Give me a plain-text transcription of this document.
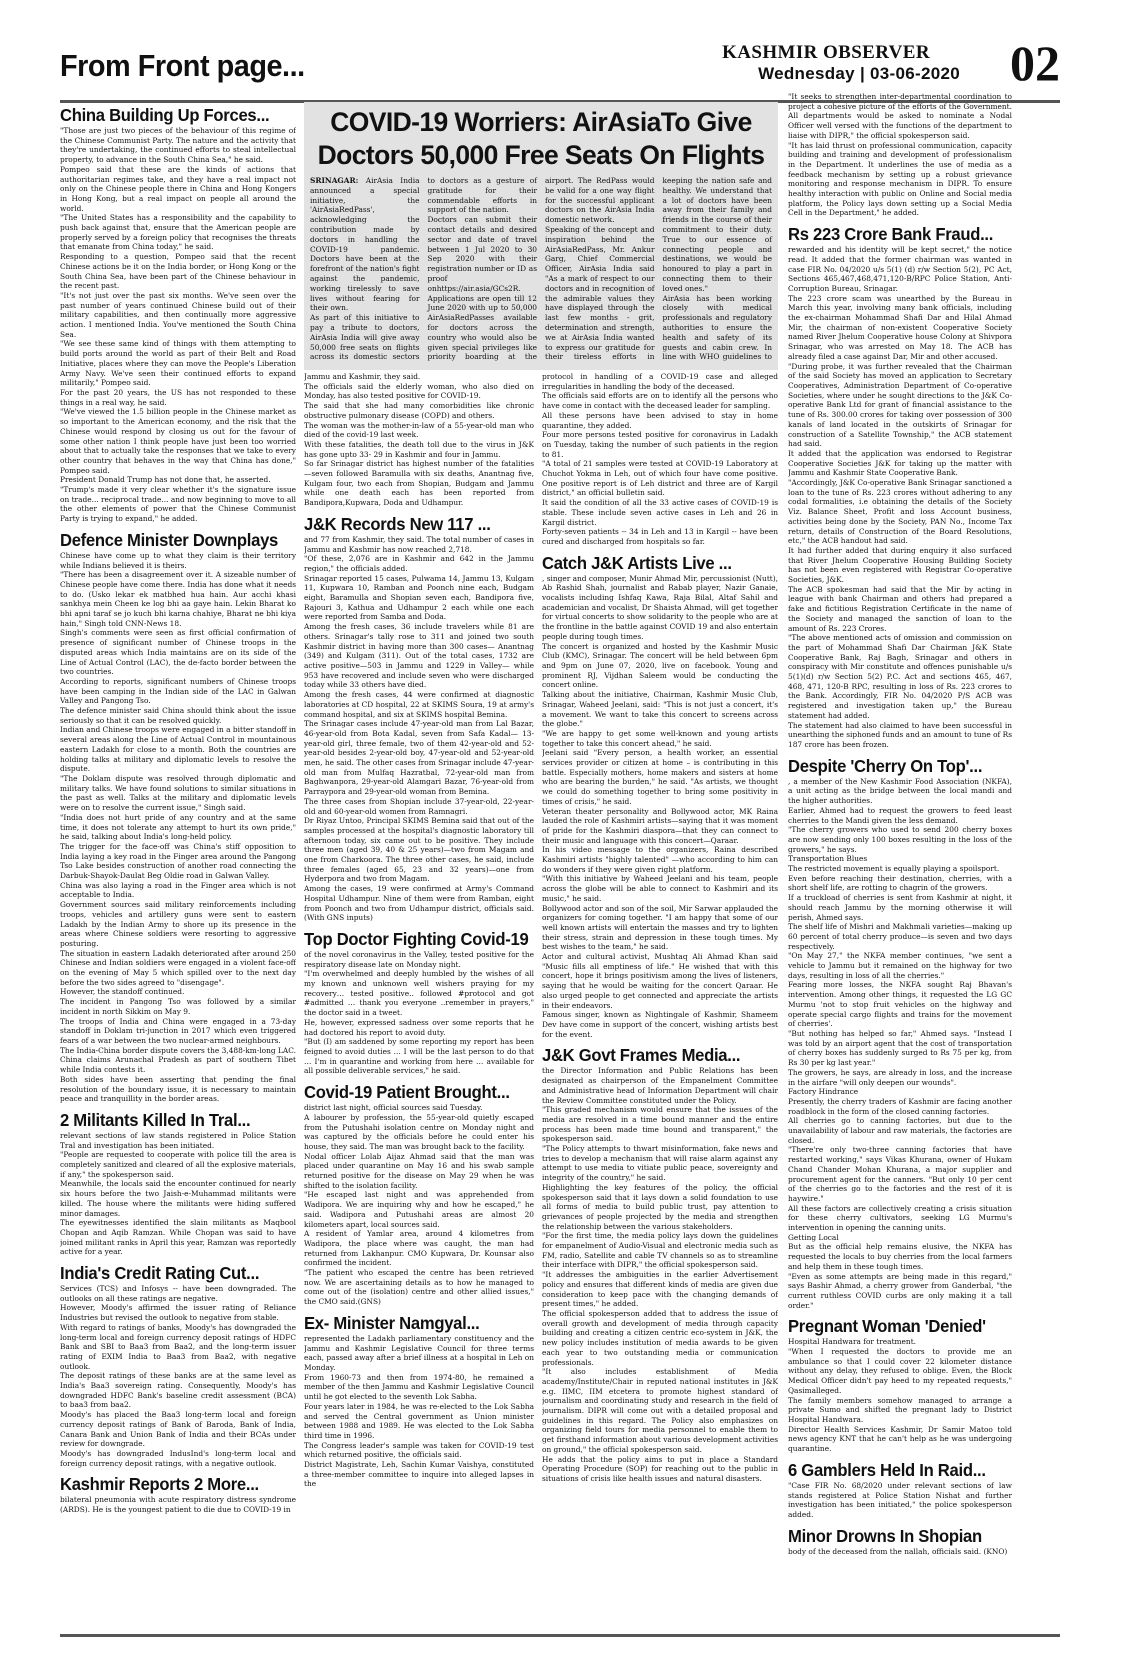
From Front page...	KASHMIR OBSERVER
Wednesday | 03-06-2020 02
COVID-19 Worriers: AirAsiaTo Give Doctors 50,000 Free Seats On Flights

SRINAGAR: AirAsia India announced a special initiative, the 'AirAsiaRedPass', acknowledging the contribution made by doctors in handling the COVID-19 pandemic. Doctors have been at the forefront of the nation's fight against the pandemic, working tirelessly to save lives without fearing for their own.

As part of this initiative to pay a tribute to doctors, AirAsia India will give away 50,000 free seats on flights across its domestic sectors to doctors as a gesture of gratitude for their commendable efforts in support of the nation.

Doctors can submit their contact details and desired sector and date of travel between 1 Jul 2020 to 30 Sep 2020 with their registration number or ID as proof onhttps://air.asia/GCs2R. Applications are open till 12 June 2020 with up to 50,000 AirAsiaRedPasses available for doctors across the country who would also be given special privileges like priority boarding at the airport. The RedPass would be valid for a one way flight for the successful applicant doctors on the AirAsia India domestic network.

Speaking of the concept and inspiration behind the AirAsiaRedPass, Mr. Ankur Garg, Chief Commercial Officer, AirAsia India said "As a mark of respect to our doctors and in recognition of the admirable values they have displayed through the last few months - grit, determination and strength, we at AirAsia India wanted to express our gratitude for their tireless efforts in keeping the nation safe and healthy. We understand that a lot of doctors have been away from their family and friends in the course of their commitment to their duty. True to our essence of connecting people and destinations, we would be honoured to play a part in connecting them to their loved ones."

AirAsia has been working closely with medical professionals and regulatory authorities to ensure the health and safety of its guests and cabin crew. In line with WHO guidelines to

China Building Up Forces...

"Those are just two pieces of the behaviour of this regime of the Chinese Communist Party. The nature and the activity that they're undertaking, the continued efforts to steal intellectual property, to advance in the South China Sea," he said.

Pompeo said that these are the kinds of actions that authoritarian regimes take, and they have a real impact not only on the Chinese people there in China and Hong Kongers in Hong Kong, but a real impact on people all around the world.

"The United States has a responsibility and the capability to push back against that, ensure that the American people are properly served by a foreign policy that recognises the threats that emanate from China today," he said.

Responding to a question, Pompeo said that the recent Chinese actions be it on the India border, or Hong Kong or the South China Sea, have been part of the Chinese behaviour in the recent past.

"It's not just over the past six months. We've seen over the past number of years continued Chinese build out of their military capabilities, and then continually more aggressive action. I mentioned India. You've mentioned the South China Sea.

"We see these same kind of things with them attempting to build ports around the world as part of their Belt and Road Initiative, places where they can move the People's Liberation Army Navy. We've seen their continued efforts to expand militarily," Pompeo said.

For the past 20 years, the US has not responded to these things in a real way, he said.

"We've viewed the 1.5 billion people in the Chinese market as so important to the American economy, and the risk that the Chinese would respond by closing us out for the favour of some other nation I think people have just been too worried about that to actually take the responses that we take to every other country that behaves in the way that China has done," Pompeo said.

President Donald Trump has not done that, he asserted.

"Trump's made it very clear whether it's the signature issue on trade... reciprocal trade... and now beginning to move to all the other elements of power that the Chinese Communist Party is trying to expand," he added.

Defence Minister Downplays

Chinese have come up to what they claim is their territory while Indians believed it is theirs.

"There has been a disagreement over it. A sizeable number of Chinese people have come there. India has done what it needs to do. (Usko lekar ek matbhed hua hain. Aur acchi khasi sankhya mein Cheen ke log bhi aa gaye hain. Lekin Bharat ko bhi apni taraf se jo kuch bhi karna chahiye, Bharat ne bhi kiya hain," Singh told CNN-News 18.

Singh's comments were seen as first official confirmation of presence of significant number of Chinese troops in the disputed areas which India maintains are on its side of the Line of Actual Control (LAC), the de-facto border between the two countries.

According to reports, significant numbers of Chinese troops have been camping in the Indian side of the LAC in Galwan Valley and Pangong Tso.

The defence minister said China should think about the issue seriously so that it can be resolved quickly.

Indian and Chinese troops were engaged in a bitter standoff in several areas along the Line of Actual Control in mountainous eastern Ladakh for close to a month. Both the countries are holding talks at military and diplomatic levels to resolve the dispute.

"The Doklam dispute was resolved through diplomatic and military talks. We have found solutions to similar situations in the past as well. Talks at the military and diplomatic levels were on to resolve the current issue," Singh said.

"India does not hurt pride of any country and at the same time, it does not tolerate any attempt to hurt its own pride," he said, talking about India's long-held policy.

The trigger for the face-off was China's stiff opposition to India laying a key road in the Finger area around the Pangong Tso Lake besides construction of another road connecting the Darbuk-Shayok-Daulat Beg Oldie road in Galwan Valley.

China was also laying a road in the Finger area which is not acceptable to India.

Government sources said military reinforcements including troops, vehicles and artillery guns were sent to eastern Ladakh by the Indian Army to shore up its presence in the areas where Chinese soldiers were resorting to aggressive posturing.

The situation in eastern Ladakh deteriorated after around 250 Chinese and Indian soldiers were engaged in a violent face-off on the evening of May 5 which spilled over to the next day before the two sides agreed to "disengage".

However, the standoff continued.

The incident in Pangong Tso was followed by a similar incident in north Sikkim on May 9.

The troops of India and China were engaged in a 73-day standoff in Doklam tri-junction in 2017 which even triggered fears of a war between the two nuclear-armed neighbours.

The India-China border dispute covers the 3,488-km-long LAC. China claims Arunachal Pradesh as part of southern Tibet while India contests it.

Both sides have been asserting that pending the final resolution of the boundary issue, it is necessary to maintain peace and tranquillity in the border areas.

2 Militants Killed In Tral...

relevant sections of law stands registered in Police Station Tral and investigation has been initiated.

"People are requested to cooperate with police till the area is completely sanitized and cleared of all the explosive materials, if any," the spokesperson said.

Meanwhile, the locals said the encounter continued for nearly six hours before the two Jaish-e-Muhammad militants were killed. The house where the militants were hiding suffered minor damages.

The eyewitnesses identified the slain militants as Maqbool Chopan and Aqib Ramzan. While Chopan was said to have joined militant ranks in April this year, Ramzan was reportedly active for a year.

India's Credit Rating Cut...

Services (TCS) and Infosys -- have been downgraded. The outlooks on all these ratings are negative.

However, Moody's affirmed the issuer rating of Reliance Industries but revised the outlook to negative from stable.

With regard to ratings of banks, Moody's has downgraded the long-term local and foreign currency deposit ratings of HDFC Bank and SBI to Baa3 from Baa2, and the long-term issuer rating of EXIM India to Baa3 from Baa2, with negative outlook.

The deposit ratings of these banks are at the same level as India's Baa3 sovereign rating. Consequently, Moody's has downgraded HDFC Bank's baseline credit assessment (BCA) to baa3 from baa2.

Moody's has placed the Baa3 long-term local and foreign currency deposit ratings of Bank of Baroda, Bank of India, Canara Bank and Union Bank of India and their BCAs under review for downgrade.

Moody's has downgraded IndusInd's long-term local and foreign currency deposit ratings, with a negative outlook.

Kashmir Reports 2 More...

bilateral pneumonia with acute respiratory distress syndrome (ARDS). He is the youngest patient to die due to COVID-19 in

Jammu and Kashmir, they said.

The officials said the elderly woman, who also died on Monday, has also tested positive for COVID-19.

The said that she had many comorbidities like chronic obstructive pulmonary disease (COPD) and others.

The woman was the mother-in-law of a 55-year-old man who died of the covid-19 last week.

With these fatalities, the death toll due to the virus in J&K has gone upto 33- 29 in Kashmir and four in Jammu.

So far Srinagar district has highest number of the fatalities—seven followed Baramulla with six deaths, Anantnag five, Kulgam four, two each from Shopian, Budgam and Jammu while one death each has been reported from Bandipora,Kupwara, Doda and Udhampur.

J&K Records New 117 ...

and 77 from Kashmir, they said. The total number of cases in Jammu and Kashmir has now reached 2,718.

"Of these, 2,076 are in Kashmir and 642 in the Jammu region," the officials added.

Srinagar reported 15 cases, Pulwama 14, Jammu 13, Kulgam 11, Kupwara 10, Ramban and Poonch nine each, Budgam eight, Baramulla and Shopian seven each, Bandipora five, Rajouri 3, Kathua and Udhampur 2 each while one each were reported from Samba and Doda.

Among the fresh cases, 36 include travelers while 81 are others. Srinagar's tally rose to 311 and joined two south Kashmir district in having more than 300 cases— Anantnag (349) and Kulgam (311). Out of the total cases, 1732 are active positive—503 in Jammu and 1229 in Valley— while 953 have recovered and include seven who were discharged today while 33 others have died.

Among the fresh cases, 44 were confirmed at diagnostic laboratories at CD hospital, 22 at SKIMS Soura, 19 at army's command hospital, and six at SKIMS hospital Bemina.

The Srinagar cases include 47-year-old man from Lal Bazar, 46-year-old from Bota Kadal, seven from Safa Kadal— 13-year-old girl, three female, two of them 42-year-old and 52-year-old besides 2-year-old boy, 47-year-old and 52-year-old men, he said. The other cases from Srinagar include 47-year-old man from Mulfaq Hazratbal, 72-year-old man from Baghwanpora, 29-year-old Alamgari Bazar, 76-year-old from Parraypora and 29-year-old woman from Bemina.

The three cases from Shopian include 37-year-old, 22-year-old and 60-year-old women from Ramnagri.

Dr Riyaz Untoo, Principal SKIMS Bemina said that out of the samples processed at the hospital's diagnostic laboratory till afternoon today, six came out to be positive. They include three men (aged 39, 40 & 25 years)—two from Magam and one from Charkoora. The three other cases, he said, include three females (aged 65, 23 and 32 years)—one from Hyderpora and two from Magam.

Among the cases, 19 were confirmed at Army's Command Hospital Udhampur. Nine of them were from Ramban, eight from Poonch and two from Udhampur district, officials said. (With GNS inputs)

Top Doctor Fighting Covid-19

of the novel coronavirus in the Valley, tested positive for the respiratory disease late on Monday night.

"I'm overwhelmed and deeply humbled by the wishes of all my known and unknown well wishers praying for my recovery… tested positive.. followed #protocol and got #admitted … thank you everyone ..remember in prayers," the doctor said in a tweet.

He, however, expressed sadness over some reports that he had doctored his report to avoid duty.

"But (I) am saddened by some reporting my report has been feigned to avoid duties … I will be the last person to do that … I'm in quarantine and working from here … available for all possible deliverable services," he said.

Covid-19 Patient Brought...

district last night, official sources said Tuesday.

A labourer by profession, the 55-year-old quietly escaped from the Putushahi isolation centre on Monday night and was captured by the officials before he could enter his house, they said. The man was brought back to the facility.

Nodal officer Lolab Aijaz Ahmad said that the man was placed under quarantine on May 16 and his swab sample returned positive for the disease on May 29 when he was shifted to the isolation facility.

"He escaped last night and was apprehended from Wadipora. We are inquiring why and how he escaped," he said. Wadipora and Putushahi areas are almost 20 kilometers apart, local sources said.

A resident of Yamlar area, around 4 kilometres from Wadipora, the place where was caught, the man had returned from Lakhanpur. CMO Kupwara, Dr. Kounsar also confirmed the incident.

"The patient who escaped the centre has been retrieved now. We are ascertaining details as to how he managed to come out of the (isolation) centre and other allied issues," the CMO said.(GNS)

Ex- Minister Namgyal...

represented the Ladakh parliamentary constituency and the Jammu and Kashmir Legislative Council for three terms each, passed away after a brief illness at a hospital in Leh on Monday.

From 1960-73 and then from 1974-80, he remained a member of the then Jammu and Kashmir Legislative Council until he got elected to the seventh Lok Sabha.

Four years later in 1984, he was re-elected to the Lok Sabha and served the Central government as Union minister between 1988 and 1989. He was elected to the Lok Sabha third time in 1996.

The Congress leader's sample was taken for COVID-19 test which returned positive, the officials said.

District Magistrate, Leh, Sachin Kumar Vaishya, constituted a three-member committee to inquire into alleged lapses in the

protocol in handling of a COVID-19 case and alleged irregularities in handling the body of the deceased.

The officials said efforts are on to identify all the persons who have come in contact with the deceased leader for sampling.

All these persons have been advised to stay in home quarantine, they added.

Four more persons tested positive for coronavirus in Ladakh on Tuesday, taking the number of such patients in the region to 81.

"A total of 21 samples were tested at COVID-19 Laboratory at Chuchot Yokma in Leh, out of which four have come positive. One positive report is of Leh district and three are of Kargil district," an official bulletin said.

It said the condition of all the 33 active cases of COVID-19 is stable. These include seven active cases in Leh and 26 in Kargil district.

Forty-seven patients -- 34 in Leh and 13 in Kargil -- have been cured and discharged from hospitals so far.

Catch J&K Artists Live ...

, singer and composer, Munir Ahmad Mir, percussionist (Nutt), Ab Rashid Shah, journalist and Rabab player, Nazir Ganaie, vocalists including Ishfaq Kawa, Raja Bilal, Altaf Sahil and academician and vocalist, Dr Shaista Ahmad, will get together for virtual concerts to show solidarity to the people who are at the frontline in the battle against COVID 19 and also entertain people during tough times.

The concert is organized and hosted by the Kashmir Music Club (KMC), Srinagar. The concert will be held between 6pm and 9pm on June 07, 2020, live on facebook. Young and prominent RJ, Vijdhan Saleem would be conducting the concert online.

Talking about the initiative, Chairman, Kashmir Music Club, Srinagar, Waheed Jeelani, said: "This is not just a concert, it's a movement. We want to take this concert to screens across the globe."

"We are happy to get some well-known and young artists together to take this concert ahead," he said.

Jeelani said "Every person, a health worker, an essential services provider or citizen at home – is contributing in this battle. Especially mothers, home makers and sisters at home who are bearing the burden," he said. "As artists, we thought we could do something together to bring some positivity in times of crisis," he said.

Veteran theater personality and Bollywood actor, MK Raina lauded the role of Kashmiri artists—saying that it was moment of pride for the Kashmiri diaspora—that they can connect to their music and language with this concert—Qaraar.

In his video message to the organizers, Raina described Kashmiri artists "highly talented" —who according to him can do wonders if they were given right platform.

"With this initiative by Waheed Jeelani and his team, people across the globe will be able to connect to Kashmiri and its music," he said.

Bollywood actor and son of the soil, Mir Sarwar applauded the organizers for coming together. "I am happy that some of our well known artists will entertain the masses and try to lighten their stress, strain and depression in these tough times. My best wishes to the team," he said.

Actor and cultural activist, Mushtaq Ali Ahmad Khan said "Music fills all emptiness of life." He wished that with this concert, hope it brings positivism among the lives of listeners, saying that he would be waiting for the concert Qaraar. He also urged people to get connected and appreciate the artists in their endeavors.

Famous singer, known as Nightingale of Kashmir, Shameem Dev have come in support of the concert, wishing artists best for the event.

J&K Govt Frames Media...

the Director Information and Public Relations has been designated as chairperson of the Empanelment Committee and Administrative head of Information Department will chair the Review Committee constituted under the Policy.

"This graded mechanism would ensure that the issues of the media are resolved in a time bound manner and the entire process has been made time bound and transparent," the spokesperson said.

"The Policy attempts to thwart misinformation, fake news and tries to develop a mechanism that will raise alarm against any attempt to use media to vitiate public peace, sovereignty and integrity of the country," he said.

Highlighting the key features of the policy, the official spokesperson said that it lays down a solid foundation to use all forms of media to build public trust, pay attention to grievances of people projected by the media and strengthen the relationship between the various stakeholders.

"For the first time, the media policy lays down the guidelines for empanelment of Audio-Visual and electronic media such as FM, radio, Satellite and cable TV channels so as to streamline their interface with DIPR," the official spokesperson said.

"It addresses the ambiguities in the earlier Advertisement policy and ensures that different kinds of media are given due consideration to keep pace with the changing demands of present times," he added.

The official spokesperson added that to address the issue of overall growth and development of media through capacity building and creating a citizen centric eco-system in J&K, the new policy includes institution of media awards to be given each year to two outstanding media or communication professionals.

"It also includes establishment of Media academy/Institute/Chair in reputed national institutes in J&K e.g. IIMC, IIM etcetera to promote highest standard of journalism and coordinating study and research in the field of journalism. DIPR will come out with a detailed proposal and guidelines in this regard. The Policy also emphasizes on organizing field tours for media personnel to enable them to get firsthand information about various development activities on ground," the official spokesperson said.

He adds that the policy aims to put in place a Standard Operating Procedure (SOP) for reaching out to the public in situations of crisis like health issues and natural disasters.

"It seeks to strengthen inter-departmental coordination to project a cohesive picture of the efforts of the Government. All departments would be asked to nominate a Nodal Officer well versed with the functions of the department to liaise with DIPR," the official spokesperson said.

"It has laid thrust on professional communication, capacity building and training and development of professionalism in the Department. It underlines the use of media as a feedback mechanism by setting up a robust grievance monitoring and response mechanism in DIPR. To ensure healthy interaction with public on Online and Social media platform, the Policy lays down setting up a Social Media Cell in the Department," he added.

Rs 223 Crore Bank Fraud...

rewarded and his identity will be kept secret," the notice read. It added that the former chairman was wanted in case FIR No. 04/2020 u/s 5(1) (d) r/w Section 5(2), PC Act, Sections 465,467,468,471,120-B/RPC Police Station, Anti-Corruption Bureau, Srinagar.

The 223 crore scam was unearthed by the Bureau in March this year, involving many bank officials, including the ex-chairman Mohammad Shafi Dar and Hilal Ahmad Mir, the chairman of non-existent Cooperative Society named River Jhelum Cooperative house Colony at Shivpora Srinagar, who was arrested on May 18. The ACB has already filed a case against Dar, Mir and other accused.

"During probe, it was further revealed that the Chairman of the said Society has moved an application to Secretary Cooperatives, Administration Department of Co-operative Societies, where under he sought directions to the J&K Co-operative Bank Ltd for grant of financial assistance to the tune of Rs. 300.00 crores for taking over possession of 300 kanals of land located in the outskirts of Srinagar for construction of a Satellite Township," the ACB statement had said.

It added that the application was endorsed to Registrar Cooperative Societies J&K for taking up the matter with Jammu and Kashmir State Cooperative Bank.

"Accordingly, J&K Co-operative Bank Srinagar sanctioned a loan to the tune of Rs. 223 crores without adhering to any codal formalities, i.e obtaining the details of the Society Viz. Balance Sheet, Profit and loss Account business, activities being done by the Society, PAN No., Income Tax return, details of Construction of the Board Resolutions, etc," the ACB handout had said.

It had further added that during enquiry it also surfaced that River Jhelum Cooperative Housing Building Society has not been even registered with Registrar Co-operative Societies, J&K.

The ACB spokesman had said that the Mir by acting in league with bank Chairman and others had prepared a fake and fictitious Registration Certificate in the name of the Society and managed the sanction of loan to the amount of Rs. 223 Crores.

"The above mentioned acts of omission and commission on the part of Mohammad Shafi Dar Chairman J&K State Cooperative Bank, Raj Bagh, Srinagar and others in conspiracy with Mir constitute and offences punishable u/s 5(1)(d) r/w Section 5(2) P.C. Act and sections 465, 467, 468, 471, 120-B RPC, resulting in loss of Rs. 223 crores to the Bank. Accordingly, FIR No. 04/2020 P/S ACB was registered and investigation taken up," the Bureau statement had added.

The statement had also claimed to have been successful in unearthing the siphoned funds and an amount to tune of Rs 187 crore has been frozen.

Despite 'Cherry On Top'...

, a member of the New Kashmir Food Association (NKFA), a unit acting as the bridge between the local mandi and the higher authorities.

Earlier, Ahmed had to request the growers to feed least cherries to the Mandi given the less demand.

"The cherry growers who used to send 200 cherry boxes are now sending only 100 boxes resulting in the loss of the growers," he says.

Transportation Blues

The restricted movement is equally playing a spoilsport.

Even before reaching their destination, cherries, with a short shelf life, are rotting to chagrin of the growers.

If a truckload of cherries is sent from Kashmir at night, it should reach Jammu by the morning otherwise it will perish, Ahmed says.

The shelf life of Mishri and Makhmali varieties—making up 60 percent of total cherry produce—is seven and two days respectively.

"On May 27," the NKFA member continues, "we sent a vehicle to Jammu but it remained on the highway for two days, resulting in loss of all the cherries."

Fearing more losses, the NKFA sought Raj Bhavan's intervention. Among other things, it requested the LG GC Murmu 'not to stop fruit vehicles on the highway and operate special cargo flights and trains for the movement of cherries'.

"But nothing has helped so far," Ahmed says. "Instead I was told by an airport agent that the cost of transportation of cherry boxes has suddenly surged to Rs 75 per kg, from Rs 30 per kg last year."

The growers, he says, are already in loss, and the increase in the airfare "will only deepen our wounds".

Factory Hindrance

Presently, the cherry traders of Kashmir are facing another roadblock in the form of the closed canning factories.

All cherries go to canning factories, but due to the unavailability of labour and raw materials, the factories are closed.

"There're only two-three canning factories that have restarted working," says Vikas Khurana, owner of Hukam Chand Chander Mohan Khurana, a major supplier and procurement agent for the canners. "But only 10 per cent of the cherries go to the factories and the rest of it is haywire."

All these factors are collectively creating a crisis situation for these cherry cultivators, seeking LG Murmu's intervention in opening the canning units.

Getting Local

But as the official help remains elusive, the NKFA has requested the locals to buy cherries from the local farmers and help them in these tough times.

"Even as some attempts are being made in this regard," says Bashir Ahmad, a cherry grower from Ganderbal, "the current ruthless COVID curbs are only making it a tall order."

Pregnant Woman 'Denied'

Hospital Handwara for treatment.

"When I requested the doctors to provide me an ambulance so that I could cover 22 kilometer distance without any delay, they refused to oblige. Even, the Block Medical Officer didn't pay heed to my repeated requests," Qasimalleged.

The family members somehow managed to arrange a private Sumo and shifted the pregnant lady to District Hospital Handwara.

Director Health Services Kashmir, Dr Samir Matoo told news agency KNT that he can't help as he was undergoing quarantine.

6 Gamblers Held In Raid...

"Case FIR No. 68/2020 under relevant sections of law stands registered at Police Station Nishat and further investigation has been initiated," the police spokesperson added.

Minor Drowns In Shopian

body of the deceased from the nallah, officials said. (KNO)
